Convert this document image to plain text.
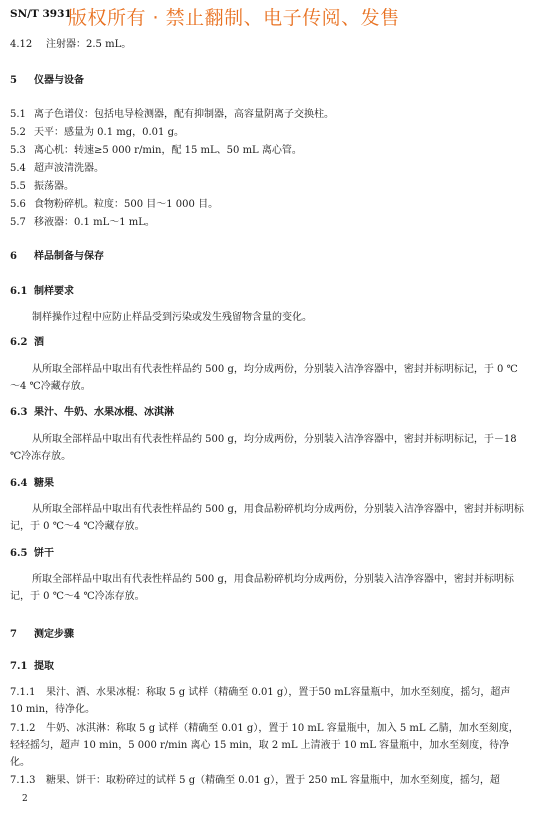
SN/T 3931
版权所有 · 禁止翻制、电子传阅、发售
4.12 注射器：2.5 mL。
5 仪器与设备
5.1 离子色谱仪：包括电导检测器，配有抑制器，高容量阴离子交换柱。
5.2 天平：感量为 0.1 mg，0.01 g。
5.3 离心机：转速≥5 000 r/min，配 15 mL、50 mL 离心管。
5.4 超声波清洗器。
5.5 振荡器。
5.6 食物粉碎机。粒度：500 目～1 000 目。
5.7 移液器：0.1 mL～1 mL。
6 样品制备与保存
6.1 制样要求
制样操作过程中应防止样品受到污染或发生残留物含量的变化。
6.2 酒
从所取全部样品中取出有代表性样品约 500 g，均分成两份，分别装入洁净容器中，密封并标明标记，于 0 ℃～4 ℃冷藏存放。
6.3 果汁、牛奶、水果冰棍、冰淇淋
从所取全部样品中取出有代表性样品约 500 g，均分成两份，分别装入洁净容器中，密封并标明标记，于－18 ℃冷冻存放。
6.4 糖果
从所取全部样品中取出有代表性样品约 500 g，用食品粉碎机均分成两份，分别装入洁净容器中，密封并标明标记，于 0 ℃～4 ℃冷藏存放。
6.5 饼干
所取全部样品中取出有代表性样品约 500 g，用食品粉碎机均分成两份，分别装入洁净容器中，密封并标明标记，于 0 ℃～4 ℃冷冻存放。
7 测定步骤
7.1 提取
7.1.1 果汁、酒、水果冰棍：称取 5 g 试样（精确至 0.01 g），置于50 mL容量瓶中，加水至刻度，摇匀，超声 10 min，待净化。
7.1.2 牛奶、冰淇淋：称取 5 g 试样（精确至 0.01 g），置于 10 mL 容量瓶中，加入 5 mL 乙腈，加水至刻度，轻轻摇匀，超声 10 min，5 000 r/min 离心 15 min，取 2 mL 上清液于 10 mL 容量瓶中，加水至刻度，待净化。
7.1.3 糖果、饼干：取粉碎过的试样 5 g（精确至 0.01 g），置于 250 mL 容量瓶中，加水至刻度，摇匀，超
2
